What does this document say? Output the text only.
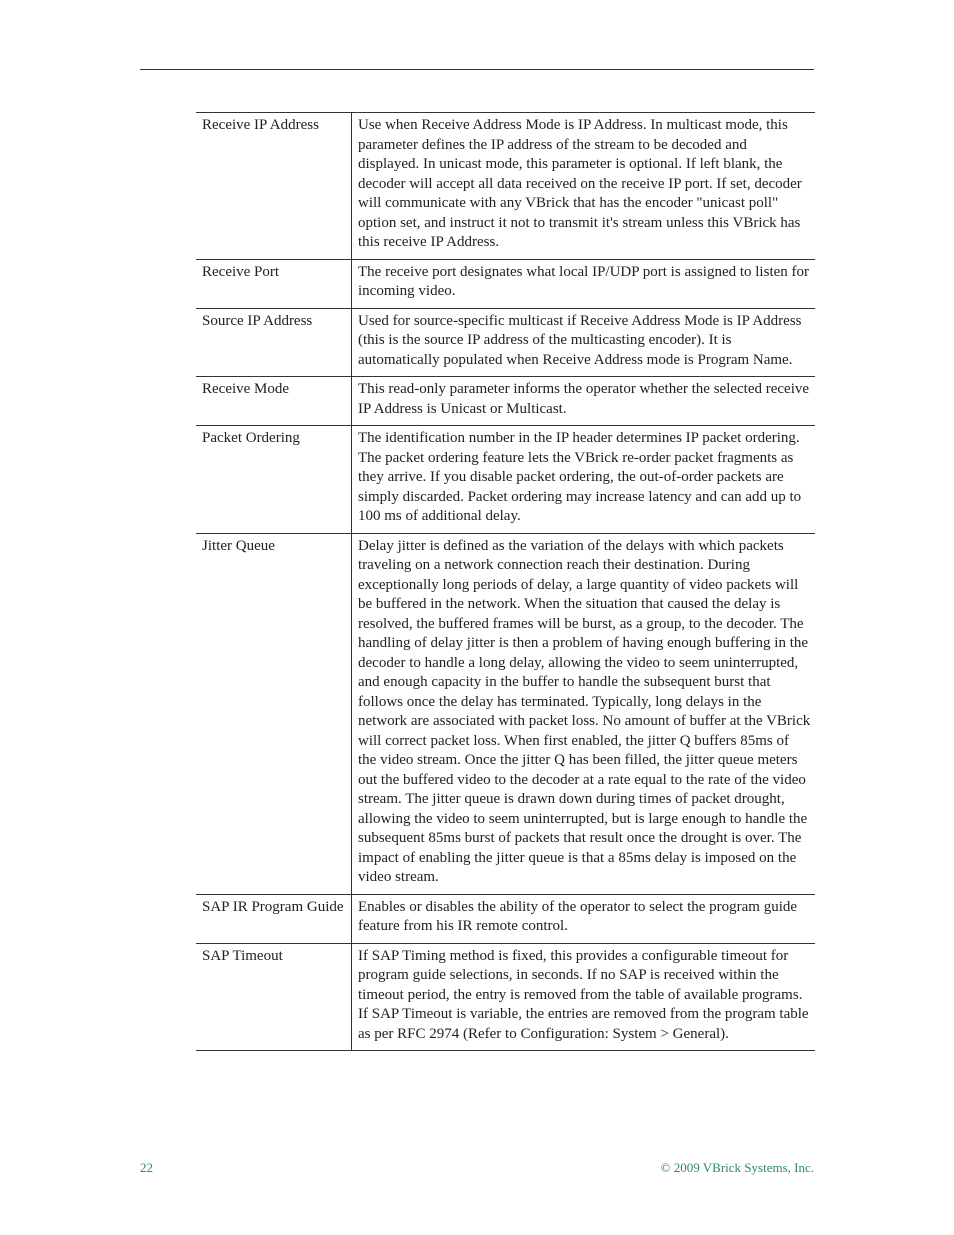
Receive IP Address	Use when Receive Address Mode is IP Address. In multicast mode, this parameter defines the IP address of the stream to be decoded and displayed. In unicast mode, this parameter is optional. If left blank, the decoder will accept all data received on the receive IP port. If set, decoder will communicate with any VBrick that has the encoder "unicast poll" option set, and instruct it not to transmit it's stream unless this VBrick has this receive IP Address.
Receive Port	The receive port designates what local IP/UDP port is assigned to listen for incoming video.
Source IP Address	Used for source-specific multicast if Receive Address Mode is IP Address (this is the source IP address of the multicasting encoder). It is automatically populated when Receive Address mode is Program Name.
Receive Mode	This read-only parameter informs the operator whether the selected receive IP Address is Unicast or Multicast.
Packet Ordering	The identification number in the IP header determines IP packet ordering. The packet ordering feature lets the VBrick re-order packet fragments as they arrive. If you disable packet ordering, the out-of-order packets are simply discarded. Packet ordering may increase latency and can add up to 100 ms of additional delay.
Jitter Queue	Delay jitter is defined as the variation of the delays with which packets traveling on a network connection reach their destination. During exceptionally long periods of delay, a large quantity of video packets will be buffered in the network. When the situation that caused the delay is resolved, the buffered frames will be burst, as a group, to the decoder. The handling of delay jitter is then a problem of having enough buffering in the decoder to handle a long delay, allowing the video to seem uninterrupted, and enough capacity in the buffer to handle the subsequent burst that follows once the delay has terminated. Typically, long delays in the network are associated with packet loss. No amount of buffer at the VBrick will correct packet loss. When first enabled, the jitter Q buffers 85ms of the video stream. Once the jitter Q has been filled, the jitter queue meters out the buffered video to the decoder at a rate equal to the rate of the video stream. The jitter queue is drawn down during times of packet drought, allowing the video to seem uninterrupted, but is large enough to handle the subsequent 85ms burst of packets that result once the drought is over. The impact of enabling the jitter queue is that a 85ms delay is imposed on the video stream.
SAP IR Program Guide	Enables or disables the ability of the operator to select the program guide feature from his IR remote control.
SAP Timeout	If SAP Timing method is fixed, this provides a configurable timeout for program guide selections, in seconds. If no SAP is received within the timeout period, the entry is removed from the table of available programs. If SAP Timeout is variable, the entries are removed from the program table as per RFC 2974 (Refer to Configuration: System > General).
22	© 2009 VBrick Systems, Inc.
